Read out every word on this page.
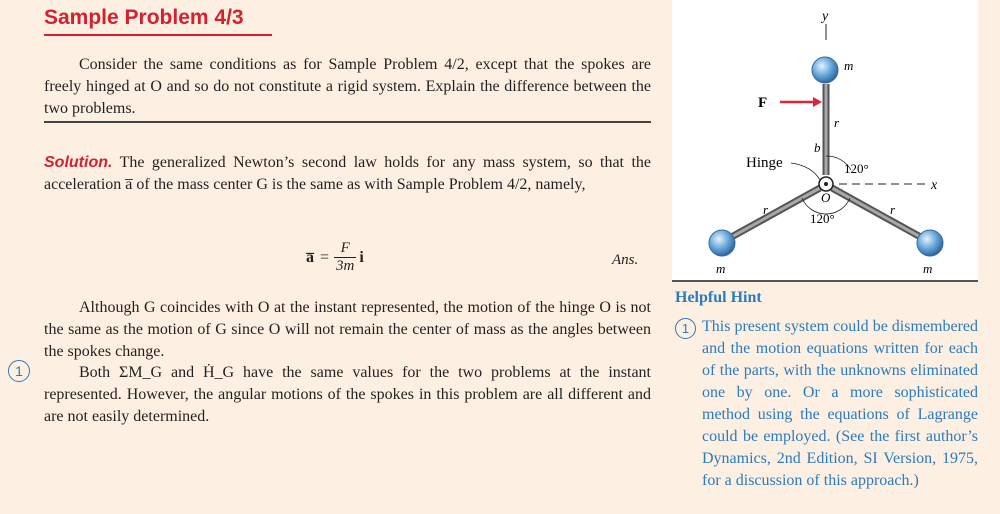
Sample Problem 4/3
Consider the same conditions as for Sample Problem 4/2, except that the spokes are freely hinged at O and so do not constitute a rigid system. Explain the difference between the two problems.
Solution. The generalized Newton’s second law holds for any mass system, so that the acceleration a̅ of the mass center G is the same as with Sample Problem 4/2, namely,
a̅	=	F	i
3m	Ans.
Although G coincides with O at the instant represented, the motion of the hinge O is not the same as the motion of G since O will not remain the center of mass as the angles between the spokes change.
Both ΣM_G and Ḣ_G have the same values for the two problems at the instant represented. However, the angular motions of the spokes in this problem are all different and are not easily determined.
1
y
x
F
m
r
b
Hinge	120°
O
120°
r	r
m	m
Helpful Hint
1 This present system could be dismembered and the motion equations written for each of the parts, with the unknowns eliminated one by one. Or a more sophisticated method using the equations of Lagrange could be employed. (See the first author’s Dynamics, 2nd Edition, SI Version, 1975, for a discussion of this approach.)
